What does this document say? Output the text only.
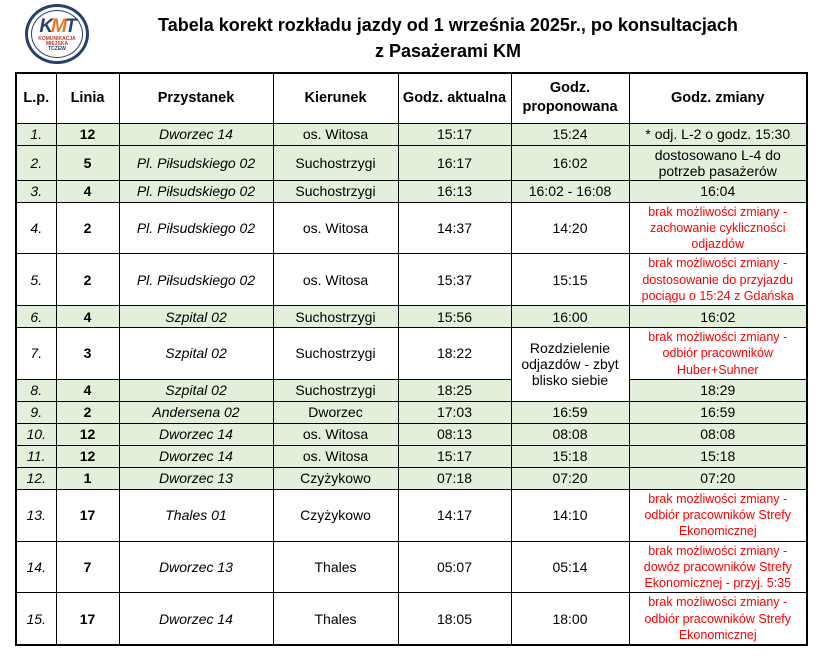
KMT
KOMUNIKACJA
MIEJSKA
TCZEW
Tabela korekt rozkładu jazdy od 1 września 2025r., po konsultacjach
z Pasażerami KM
L.p.	Linia	Przystanek	Kierunek	Godz. aktualna	Godz. proponowana	Godz. zmiany
1.	12	Dworzec 14	os. Witosa	15:17	15:24	* odj. L-2 o godz. 15:30
2.	5	Pl. Piłsudskiego 02	Suchostrzygi	16:17	16:02	dostosowano L-4 do potrzeb pasażerów
3.	4	Pl. Piłsudskiego 02	Suchostrzygi	16:13	16:02 - 16:08	16:04
4.	2	Pl. Piłsudskiego 02	os. Witosa	14:37	14:20	brak możliwości zmiany - zachowanie cykliczności odjazdów
5.	2	Pl. Piłsudskiego 02	os. Witosa	15:37	15:15	brak możliwości zmiany - dostosowanie do przyjazdu pociągu o 15:24 z Gdańska
6.	4	Szpital 02	Suchostrzygi	15:56	16:00	16:02
7.	3	Szpital 02	Suchostrzygi	18:22	Rozdzielenie odjazdów - zbyt blisko siebie	brak możliwości zmiany - odbiór pracowników Huber+Suhner
8.	4	Szpital 02	Suchostrzygi	18:25		18:29
9.	2	Andersena 02	Dworzec	17:03	16:59	16:59
10.	12	Dworzec 14	os. Witosa	08:13	08:08	08:08
11.	12	Dworzec 14	os. Witosa	15:17	15:18	15:18
12.	1	Dworzec 13	Czyżykowo	07:18	07:20	07:20
13.	17	Thales 01	Czyżykowo	14:17	14:10	brak możliwości zmiany - odbiór pracowników Strefy Ekonomicznej
14.	7	Dworzec 13	Thales	05:07	05:14	brak możliwości zmiany - dowóz pracowników Strefy Ekonomicznej - przyj. 5:35
15.	17	Dworzec 14	Thales	18:05	18:00	brak możliwości zmiany - odbiór pracowników Strefy Ekonomicznej
